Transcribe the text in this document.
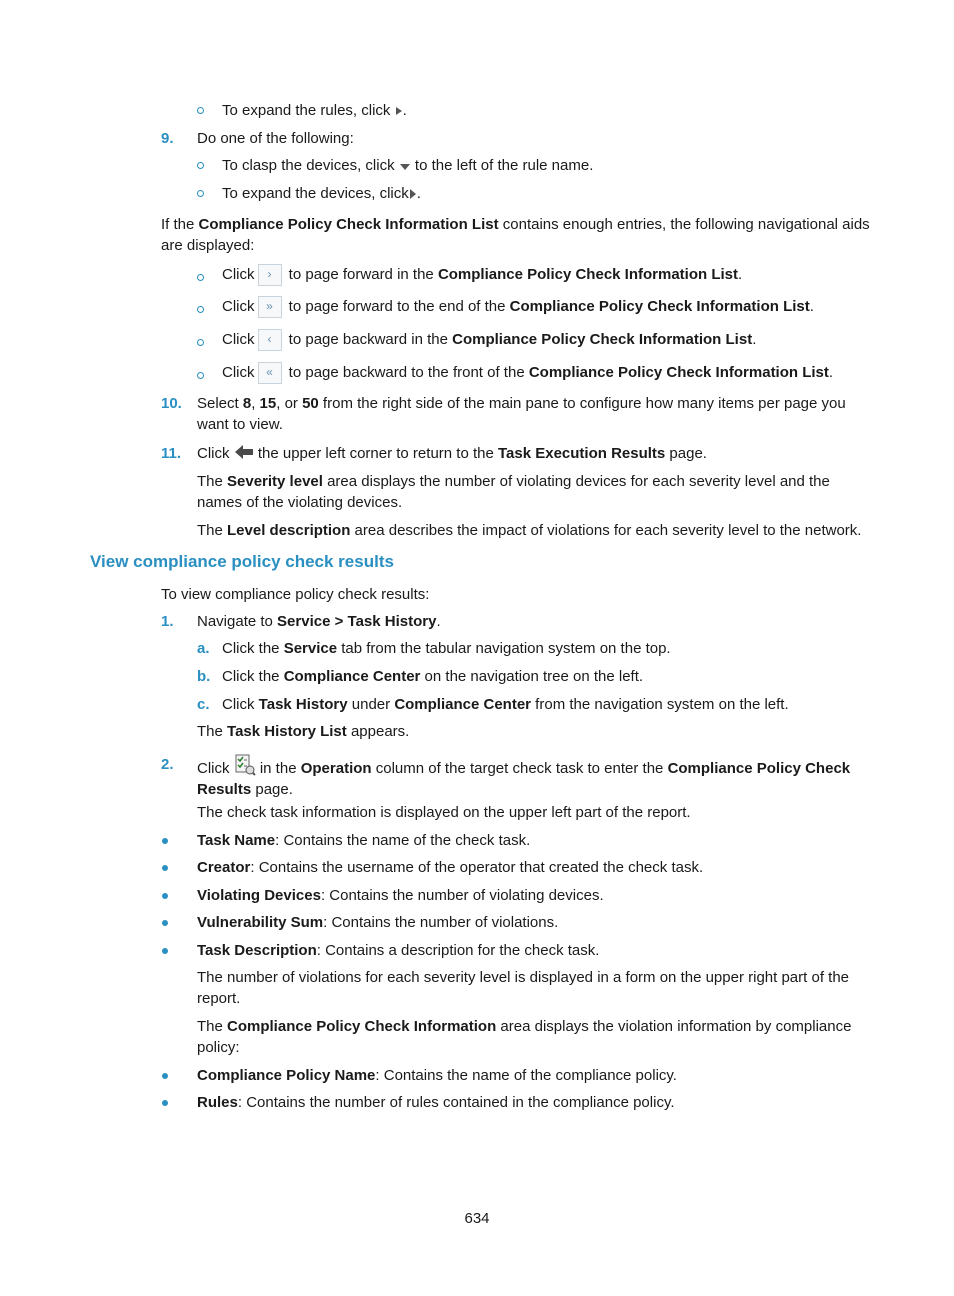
To expand the rules, click .
9. Do one of the following:
To clasp the devices, click to the left of the rule name.
To expand the devices, click .
If the Compliance Policy Check Information List contains enough entries, the following navigational aids are displayed:
Click › to page forward in the Compliance Policy Check Information List.
Click » to page forward to the end of the Compliance Policy Check Information List.
Click ‹ to page backward in the Compliance Policy Check Information List.
Click « to page backward to the front of the Compliance Policy Check Information List.
10. Select 8, 15, or 50 from the right side of the main pane to configure how many items per page you want to view.
11. Click the upper left corner to return to the Task Execution Results page.
The Severity level area displays the number of violating devices for each severity level and the names of the violating devices.
The Level description area describes the impact of violations for each severity level to the network.
View compliance policy check results
To view compliance policy check results:
1. Navigate to Service > Task History.
a. Click the Service tab from the tabular navigation system on the top.
b. Click the Compliance Center on the navigation tree on the left.
c. Click Task History under Compliance Center from the navigation system on the left.
The Task History List appears.
2. Click in the Operation column of the target check task to enter the Compliance Policy Check Results page.
The check task information is displayed on the upper left part of the report.
Task Name: Contains the name of the check task.
Creator: Contains the username of the operator that created the check task.
Violating Devices: Contains the number of violating devices.
Vulnerability Sum: Contains the number of violations.
Task Description: Contains a description for the check task.
The number of violations for each severity level is displayed in a form on the upper right part of the report.
The Compliance Policy Check Information area displays the violation information by compliance policy:
Compliance Policy Name: Contains the name of the compliance policy.
Rules: Contains the number of rules contained in the compliance policy.
634
